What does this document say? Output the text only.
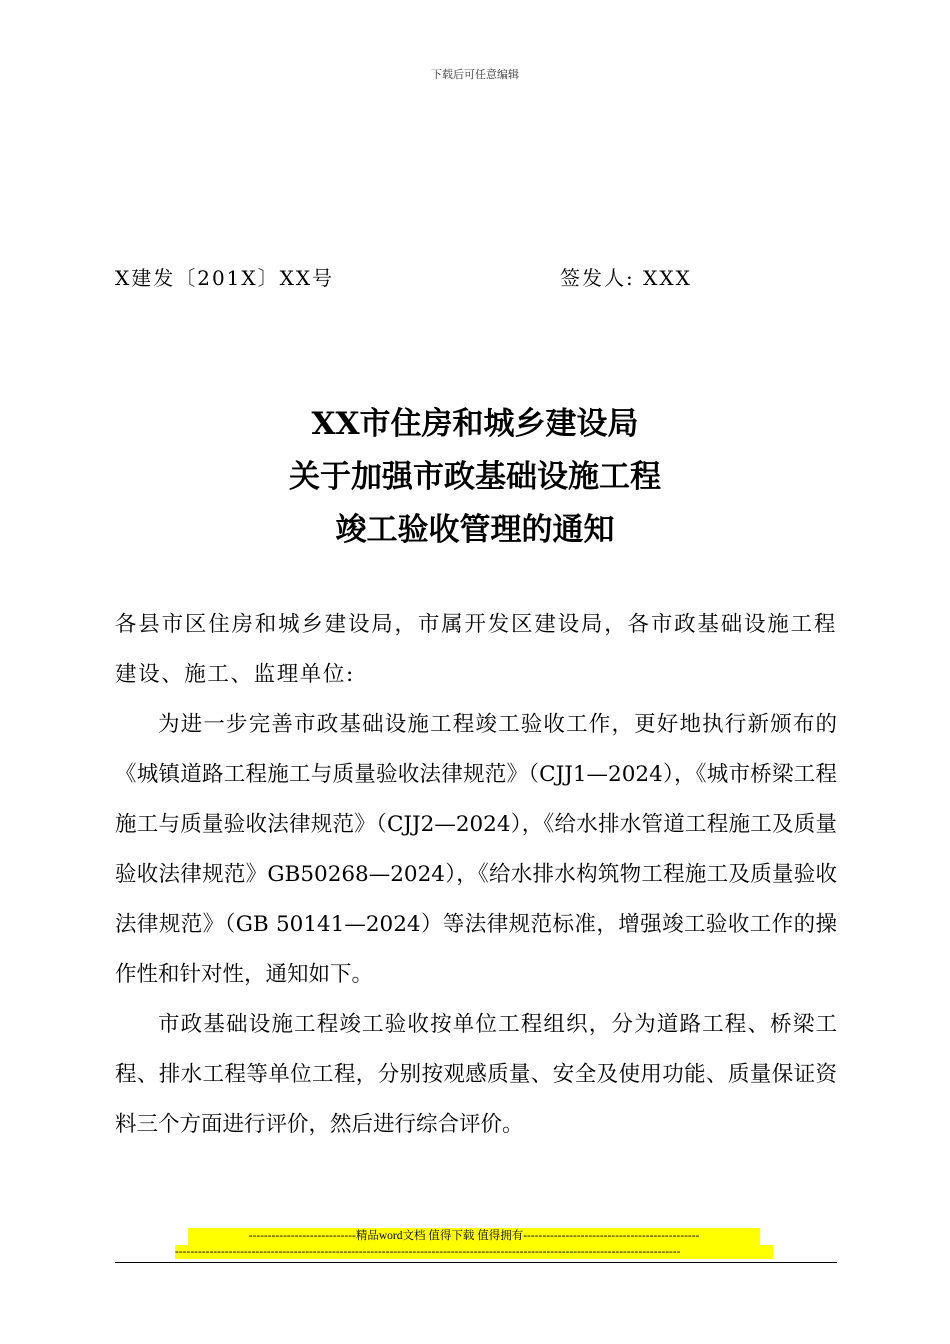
下载后可任意编辑
X建发〔201X〕XX号	签发人: XXX
XX市住房和城乡建设局
关于加强市政基础设施工程
竣工验收管理的通知
各县市区住房和城乡建设局，市属开发区建设局，各市政基础设施工程建设、施工、监理单位:
为进一步完善市政基础设施工程竣工验收工作，更好地执行新颁布的《城镇道路工程施工与质量验收法律规范》（CJJ1—2024），《城市桥梁工程施工与质量验收法律规范》（CJJ2—2024），《给水排水管道工程施工及质量验收法律规范》GB50268—2024），《给水排水构筑物工程施工及质量验收法律规范》（GB 50141—2024）等法律规范标准，增强竣工验收工作的操作性和针对性，通知如下。
市政基础设施工程竣工验收按单位工程组织，分为道路工程、桥梁工程、排水工程等单位工程，分别按观感质量、安全及使用功能、质量保证资料三个方面进行评价，然后进行综合评价。
----------------------------精品word文档 值得下载 值得拥有----------------------------------------------
------------------------------------------------------------------------------------------------------------------------------------
